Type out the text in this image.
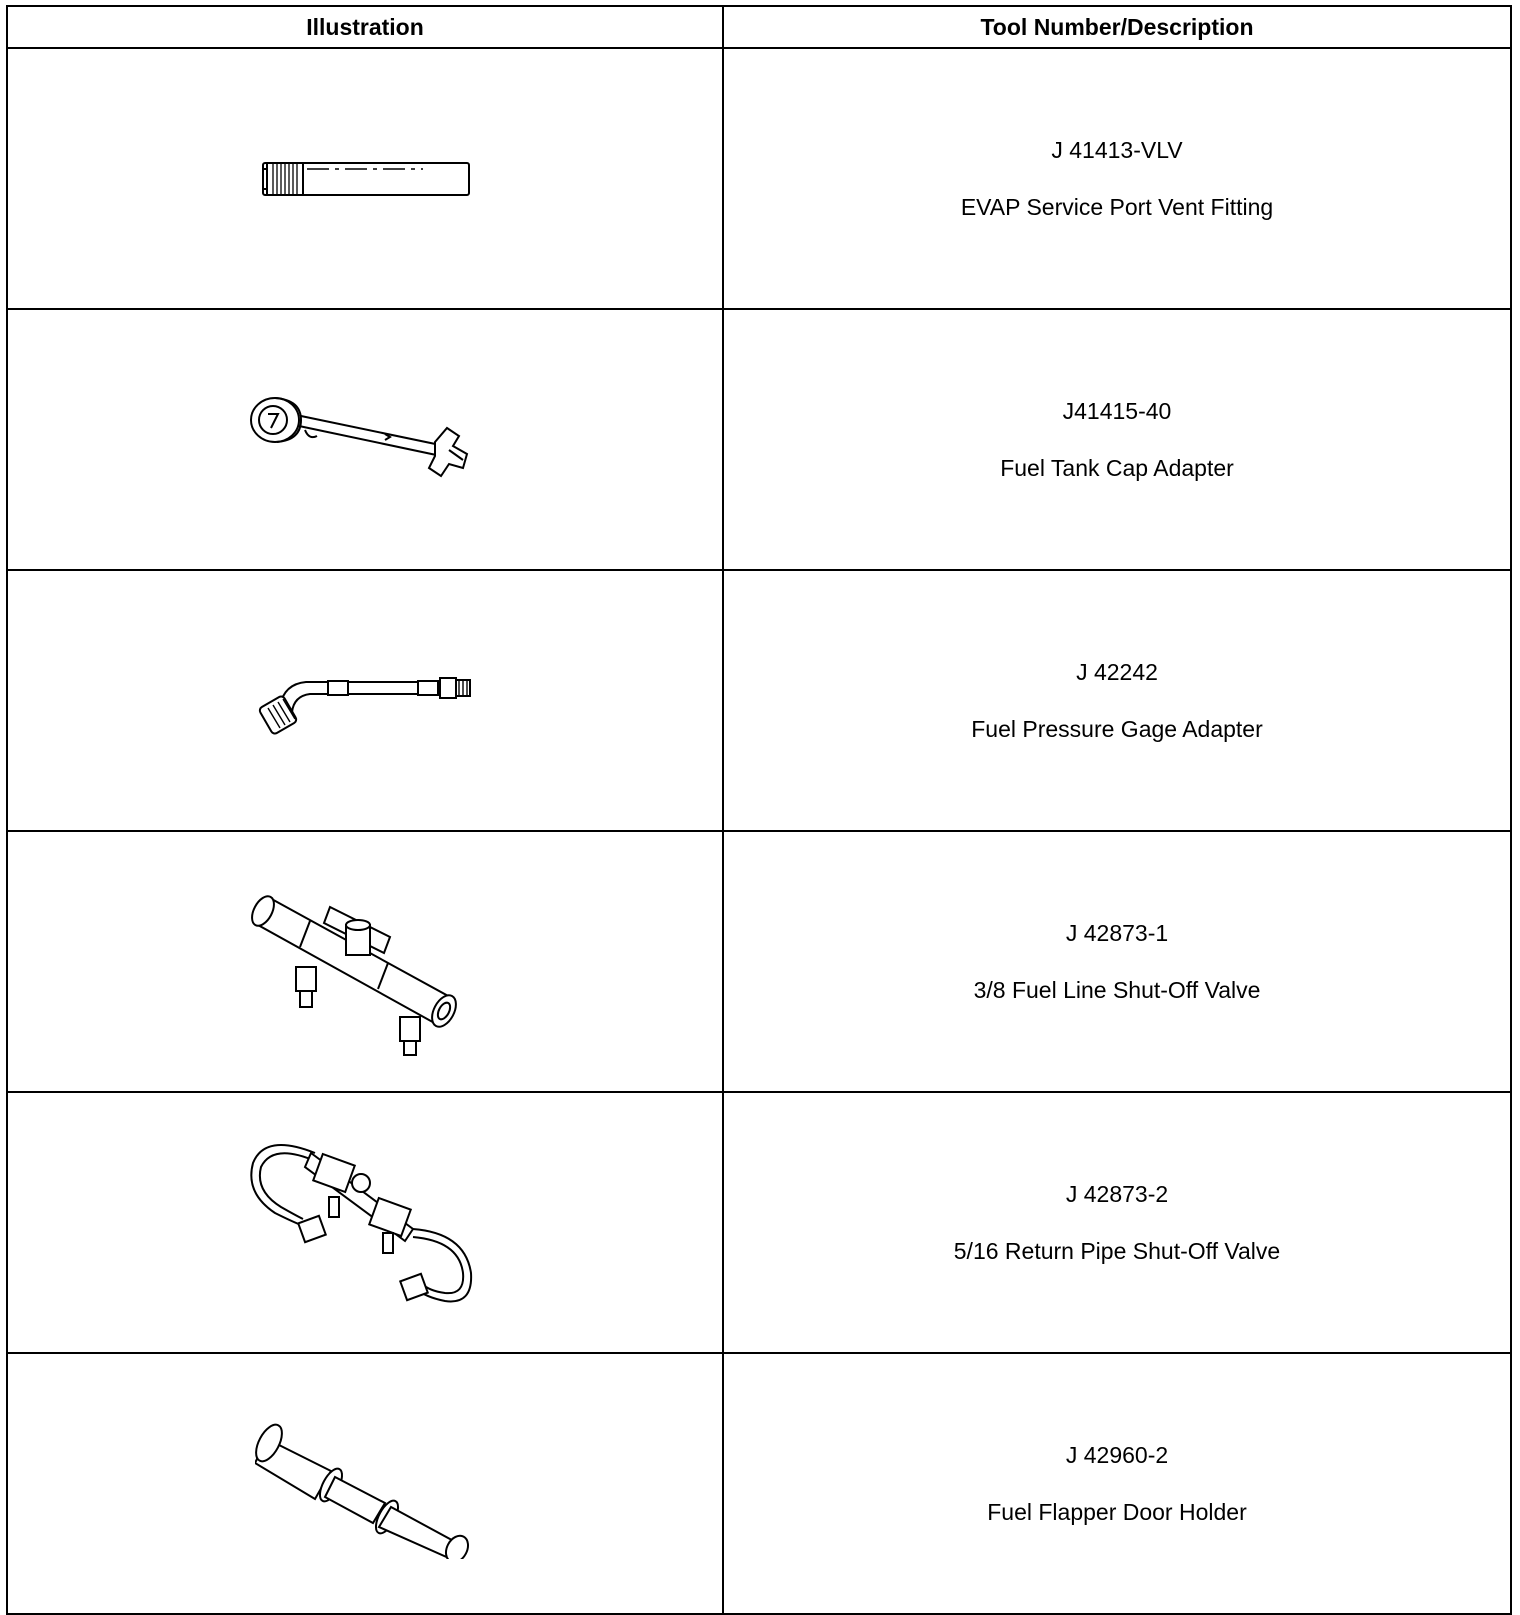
Illustration	Tool Number/Description

J 41413-VLV
EVAP Service Port Vent Fitting

J41415-40
Fuel Tank Cap Adapter

J 42242
Fuel Pressure Gage Adapter

J 42873-1
3/8 Fuel Line Shut-Off Valve

J 42873-2
5/16 Return Pipe Shut-Off Valve

J 42960-2
Fuel Flapper Door Holder
